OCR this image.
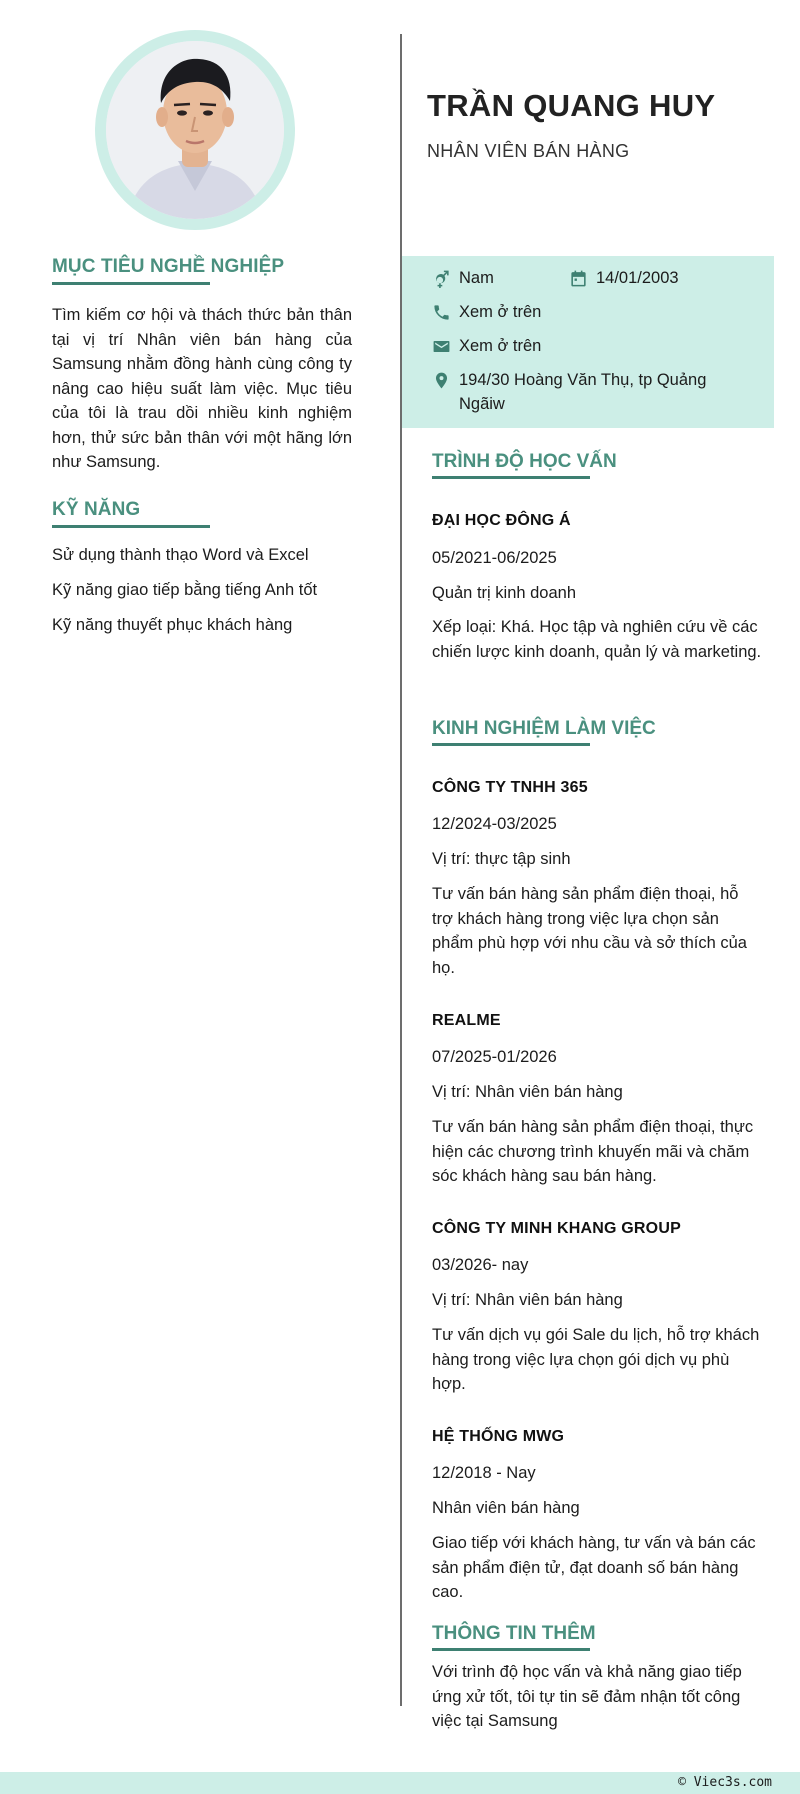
MỤC TIÊU NGHỀ NGHIỆP

Tìm kiếm cơ hội và thách thức bản thân tại vị trí Nhân viên bán hàng của Samsung nhằm đồng hành cùng công ty nâng cao hiệu suất làm việc. Mục tiêu của tôi là trau dồi nhiều kinh nghiệm hơn, thử sức bản thân với một hãng lớn như Samsung.

KỸ NĂNG
Sử dụng thành thạo Word và Excel
Kỹ năng giao tiếp bằng tiếng Anh tốt
Kỹ năng thuyết phục khách hàng
TRẦN QUANG HUY
NHÂN VIÊN BÁN HÀNG
Nam	14/01/2003
Xem ở trên
Xem ở trên
194/30 Hoàng Văn Thụ, tp Quảng Ngãiw
TRÌNH ĐỘ HỌC VẤN
ĐẠI HỌC ĐÔNG Á
05/2021-06/2025
Quản trị kinh doanh
Xếp loại: Khá. Học tập và nghiên cứu về các chiến lược kinh doanh, quản lý và marketing.
KINH NGHIỆM LÀM VIỆC
CÔNG TY TNHH 365
12/2024-03/2025
Vị trí: thực tập sinh
Tư vấn bán hàng sản phẩm điện thoại, hỗ trợ khách hàng trong việc lựa chọn sản phẩm phù hợp với nhu cầu và sở thích của họ.
REALME
07/2025-01/2026
Vị trí: Nhân viên bán hàng
Tư vấn bán hàng sản phẩm điện thoại, thực hiện các chương trình khuyến mãi và chăm sóc khách hàng sau bán hàng.
CÔNG TY MINH KHANG GROUP
03/2026- nay
Vị trí: Nhân viên bán hàng
Tư vấn dịch vụ gói Sale du lịch, hỗ trợ khách hàng trong việc lựa chọn gói dịch vụ phù hợp.
HỆ THỐNG MWG
12/2018 - Nay
Nhân viên bán hàng
Giao tiếp với khách hàng, tư vấn và bán các sản phẩm điện tử, đạt doanh số bán hàng cao.
THÔNG TIN THÊM
Với trình độ học vấn và khả năng giao tiếp ứng xử tốt, tôi tự tin sẽ đảm nhận tốt công việc tại Samsung
© Viec3s.com
